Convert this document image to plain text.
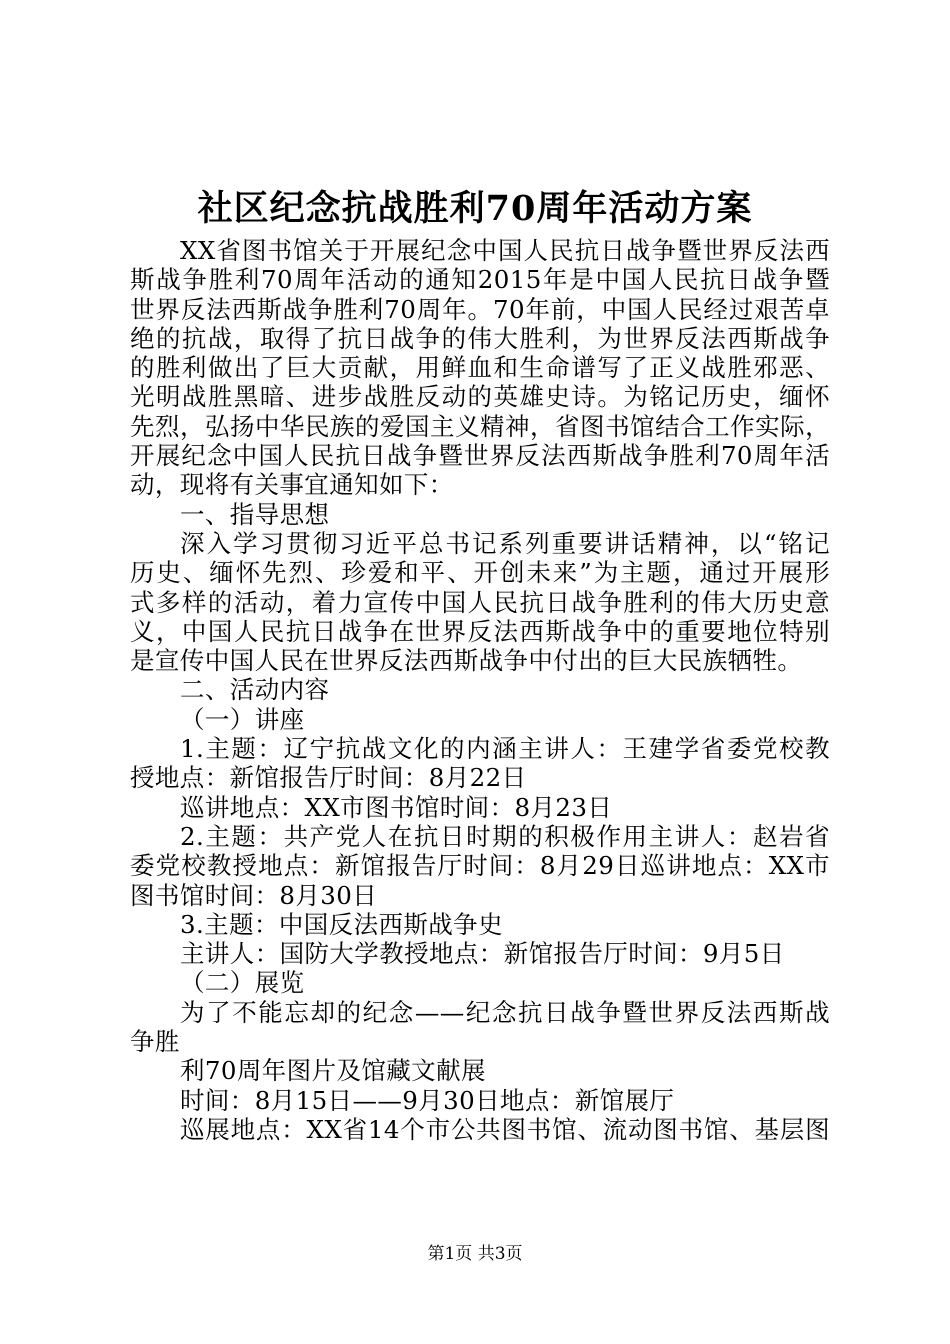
社区纪念抗战胜利70周年活动方案
XX省图书馆关于开展纪念中国人民抗日战争暨世界反法西
斯战争胜利70周年活动的通知2015年是中国人民抗日战争暨
世界反法西斯战争胜利70周年。70年前，中国人民经过艰苦卓
绝的抗战，取得了抗日战争的伟大胜利，为世界反法西斯战争
的胜利做出了巨大贡献，用鲜血和生命谱写了正义战胜邪恶、
光明战胜黑暗、进步战胜反动的英雄史诗。为铭记历史，缅怀
先烈，弘扬中华民族的爱国主义精神，省图书馆结合工作实际，
开展纪念中国人民抗日战争暨世界反法西斯战争胜利70周年活
动，现将有关事宜通知如下：
一、指导思想
深入学习贯彻习近平总书记系列重要讲话精神，以“铭记
历史、缅怀先烈、珍爱和平、开创未来”为主题，通过开展形
式多样的活动，着力宣传中国人民抗日战争胜利的伟大历史意
义，中国人民抗日战争在世界反法西斯战争中的重要地位特别
是宣传中国人民在世界反法西斯战争中付出的巨大民族牺牲。
二、活动内容
（一）讲座
1.主题：辽宁抗战文化的内涵主讲人：王建学省委党校教
授地点：新馆报告厅时间：8月22日
巡讲地点：XX市图书馆时间：8月23日
2.主题：共产党人在抗日时期的积极作用主讲人：赵岩省
委党校教授地点：新馆报告厅时间：8月29日巡讲地点：XX市
图书馆时间：8月30日
3.主题：中国反法西斯战争史
主讲人：国防大学教授地点：新馆报告厅时间：9月5日
（二）展览
为了不能忘却的纪念——纪念抗日战争暨世界反法西斯战
争胜
利70周年图片及馆藏文献展
时间：8月15日——9月30日地点：新馆展厅
巡展地点：XX省14个市公共图书馆、流动图书馆、基层图
第1页 共3页
